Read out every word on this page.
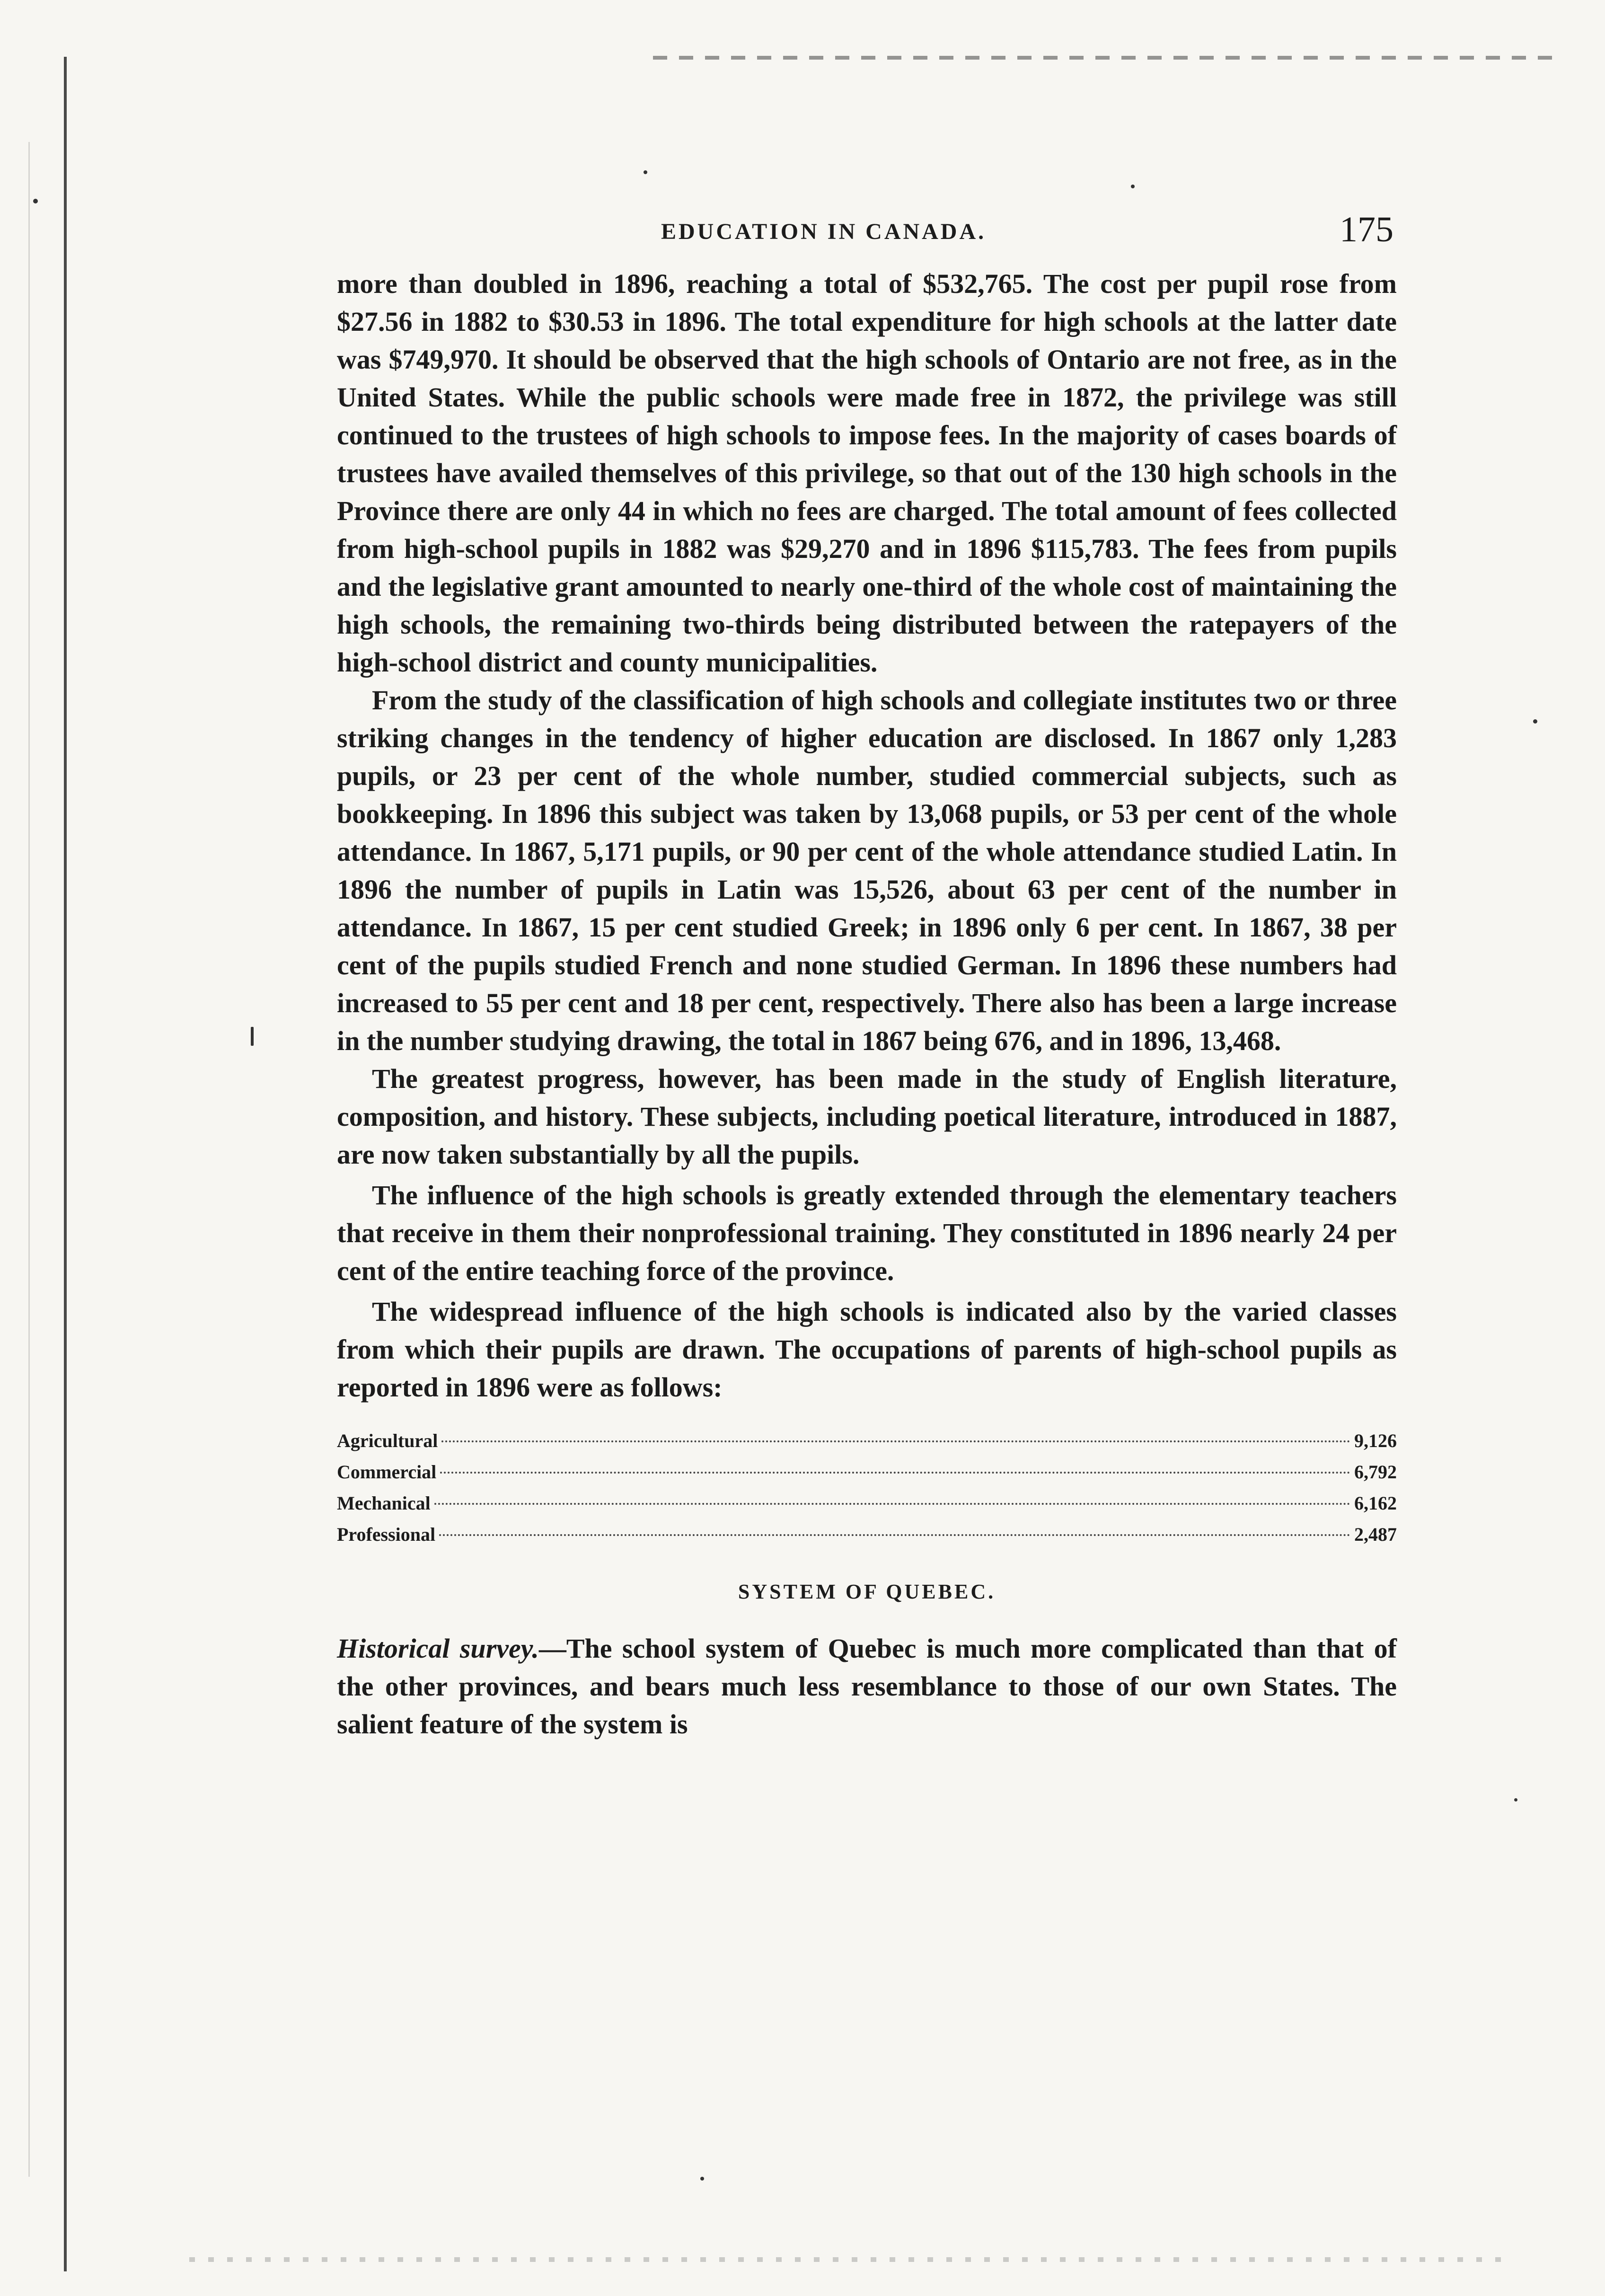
EDUCATION IN CANADA.	175

more than doubled in 1896, reaching a total of $532,765. The cost per pupil rose from $27.56 in 1882 to $30.53 in 1896. The total expenditure for high schools at the latter date was $749,970. It should be observed that the high schools of Ontario are not free, as in the United States. While the public schools were made free in 1872, the privilege was still continued to the trustees of high schools to impose fees. In the majority of cases boards of trustees have availed themselves of this privilege, so that out of the 130 high schools in the Province there are only 44 in which no fees are charged. The total amount of fees collected from high-school pupils in 1882 was $29,270 and in 1896 $115,783. The fees from pupils and the legislative grant amounted to nearly one-third of the whole cost of maintaining the high schools, the remaining two-thirds being distributed between the ratepayers of the high-school district and county municipalities.

From the study of the classification of high schools and collegiate institutes two or three striking changes in the tendency of higher education are disclosed. In 1867 only 1,283 pupils, or 23 per cent of the whole number, studied commercial subjects, such as bookkeeping. In 1896 this subject was taken by 13,068 pupils, or 53 per cent of the whole attendance. In 1867, 5,171 pupils, or 90 per cent of the whole attendance studied Latin. In 1896 the number of pupils in Latin was 15,526, about 63 per cent of the number in attendance. In 1867, 15 per cent studied Greek; in 1896 only 6 per cent. In 1867, 38 per cent of the pupils studied French and none studied German. In 1896 these numbers had increased to 55 per cent and 18 per cent, respectively. There also has been a large increase in the number studying drawing, the total in 1867 being 676, and in 1896, 13,468.

The greatest progress, however, has been made in the study of English literature, composition, and history. These subjects, including poetical literature, introduced in 1887, are now taken substantially by all the pupils.

The influence of the high schools is greatly extended through the elementary teachers that receive in them their nonprofessional training. They constituted in 1896 nearly 24 per cent of the entire teaching force of the province.

The widespread influence of the high schools is indicated also by the varied classes from which their pupils are drawn. The occupations of parents of high-school pupils as reported in 1896 were as follows:

Agricultural	9,126
Commercial	6,792
Mechanical	6,162
Professional	2,487
SYSTEM OF QUEBEC.

Historical survey.—The school system of Quebec is much more complicated than that of the other provinces, and bears much less resemblance to those of our own States. The salient feature of the system is
